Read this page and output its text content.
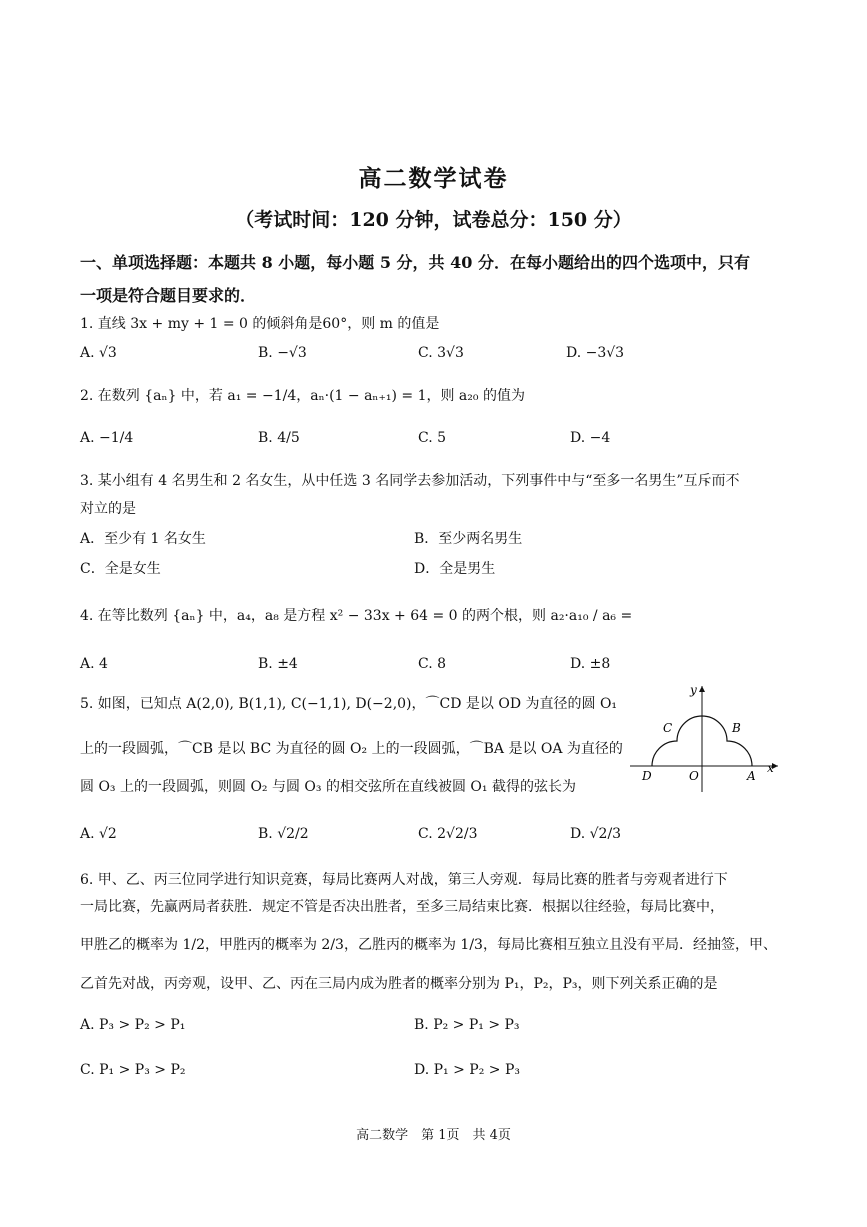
高二数学试卷
（考试时间：120 分钟，试卷总分：150 分）
一、单项选择题：本题共 8 小题，每小题 5 分，共 40 分．在每小题给出的四个选项中，只有
一项是符合题目要求的．
1. 直线 3x + my + 1 = 0 的倾斜角是60°，则 m 的值是
A. √3	B. −√3	C. 3√3	D. −3√3
2. 在数列 {aₙ} 中，若 a₁ = −1/4，aₙ·(1 − aₙ₊₁) = 1，则 a₂₀ 的值为
A. −1/4	B. 4/5	C. 5	D. −4
3. 某小组有 4 名男生和 2 名女生，从中任选 3 名同学去参加活动，下列事件中与“至多一名男生”互斥而不
对立的是
A．至少有 1 名女生	B．至少两名男生
C．全是女生	D．全是男生
4. 在等比数列 {aₙ} 中，a₄，a₈ 是方程 x² − 33x + 64 = 0 的两个根，则 a₂·a₁₀ / a₆ =
A. 4	B. ±4	C. 8	D. ±8
5. 如图，已知点 A(2,0), B(1,1), C(−1,1), D(−2,0)，⌒CD 是以 OD 为直径的圆 O₁
上的一段圆弧，⌒CB 是以 BC 为直径的圆 O₂ 上的一段圆弧，⌒BA 是以 OA 为直径的
圆 O₃ 上的一段圆弧，则圆 O₂ 与圆 O₃ 的相交弦所在直线被圆 O₁ 截得的弦长为
A. √2	B. √2/2	C. 2√2/3	D. √2/3
y
x
C	B
D	O	A
6. 甲、乙、丙三位同学进行知识竞赛，每局比赛两人对战，第三人旁观．每局比赛的胜者与旁观者进行下
一局比赛，先赢两局者获胜．规定不管是否决出胜者，至多三局结束比赛．根据以往经验，每局比赛中，
甲胜乙的概率为 1/2，甲胜丙的概率为 2/3，乙胜丙的概率为 1/3，每局比赛相互独立且没有平局．经抽签，甲、
乙首先对战，丙旁观，设甲、乙、丙在三局内成为胜者的概率分别为 P₁，P₂，P₃，则下列关系正确的是
A. P₃ > P₂ > P₁	B. P₂ > P₁ > P₃
C. P₁ > P₃ > P₂	D. P₁ > P₂ > P₃
高二数学　第 1页　共 4页
